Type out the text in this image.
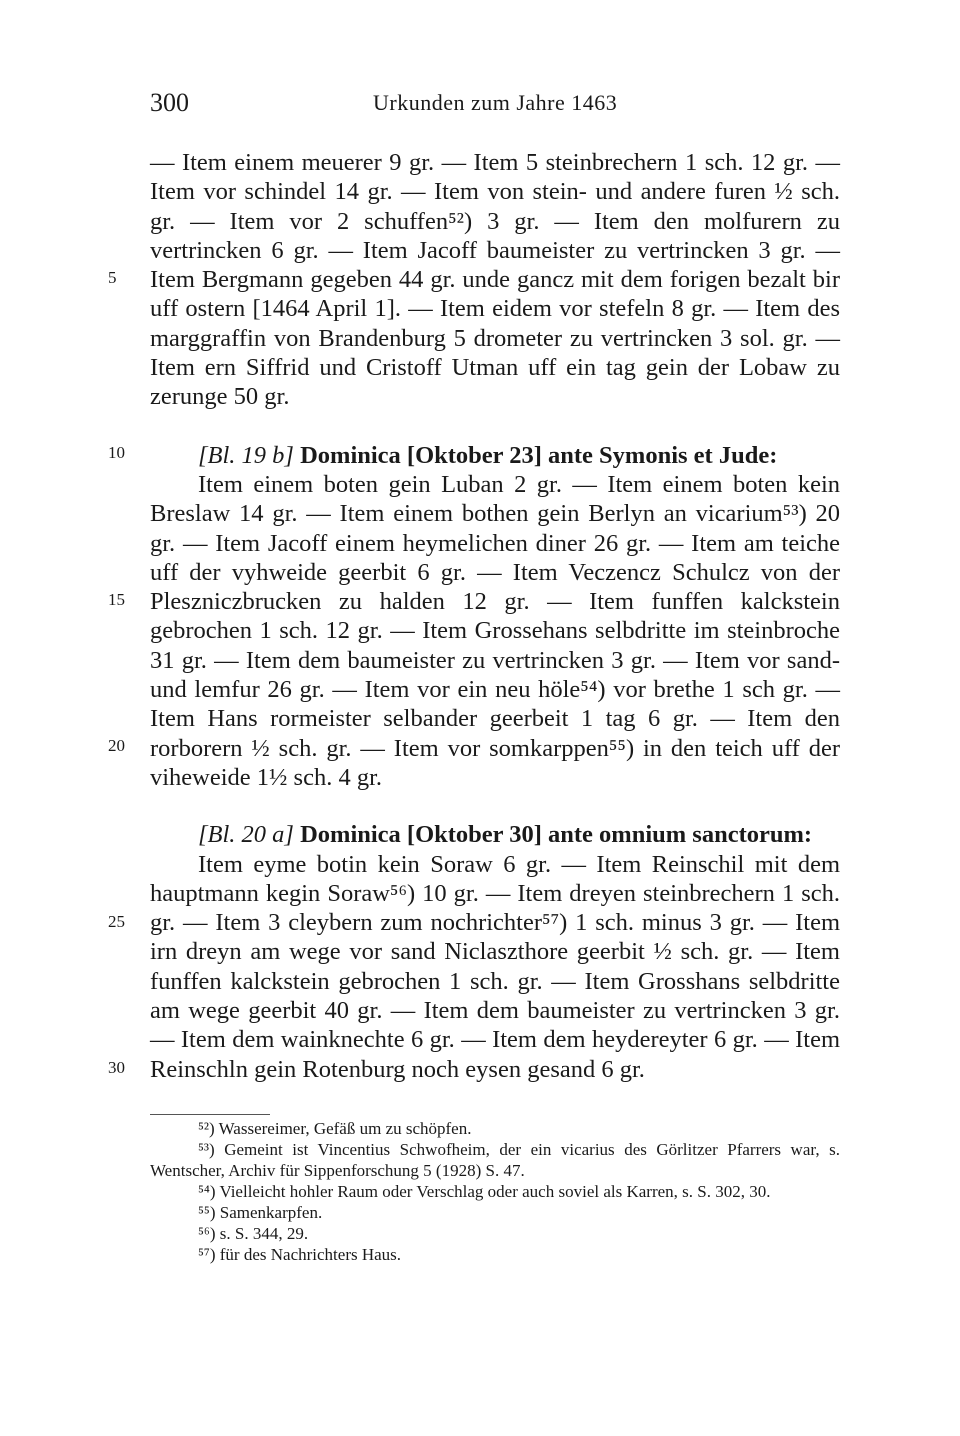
300	Urkunden zum Jahre 1463

— Item einem meuerer 9 gr. — Item 5 steinbrechern 1 sch. 12 gr. — Item vor schindel 14 gr. — Item von stein- und andere furen ½ sch. gr. — Item vor 2 schuffen⁵²) 3 gr. — Item den molfurern zu vertrincken 6 gr. — Item Jacoff baumeister zu vertrincken 3 gr. — Item Bergmann gegeben 44 gr. unde gancz mit dem forigen bezalt bir uff ostern [1464 April 1]. — Item eidem vor stefeln 8 gr. — Item des marggraffin von Brandenburg 5 drometer zu vertrincken 3 sol. gr. — Item ern Siffrid und Cristoff Utman uff ein tag gein der Lobaw zu zerunge 50 gr.

[Bl. 19 b] Dominica [Oktober 23] ante Symonis et Jude:

Item einem boten gein Luban 2 gr. — Item einem boten kein Breslaw 14 gr. — Item einem bothen gein Berlyn an vicarium⁵³) 20 gr. — Item Jacoff einem heymelichen diner 26 gr. — Item am teiche uff der vyhweide geerbit 6 gr. — Item Veczencz Schulcz von der Pleszniczbrucken zu halden 12 gr. — Item funffen kalckstein gebrochen 1 sch. 12 gr. — Item Grossehans selbdritte im steinbroche 31 gr. — Item dem baumeister zu vertrincken 3 gr. — Item vor sand- und lemfur 26 gr. — Item vor ein neu höle⁵⁴) vor brethe 1 sch gr. — Item Hans rormeister selbander geerbeit 1 tag 6 gr. — Item den rorborern ½ sch. gr. — Item vor somkarppen⁵⁵) in den teich uff der viheweide 1½ sch. 4 gr.

[Bl. 20 a] Dominica [Oktober 30] ante omnium sanctorum:

Item eyme botin kein Soraw 6 gr. — Item Reinschil mit dem hauptmann kegin Soraw⁵⁶) 10 gr. — Item dreyen steinbrechern 1 sch. gr. — Item 3 cleybern zum nochrichter⁵⁷) 1 sch. minus 3 gr. — Item irn dreyn am wege vor sand Niclaszthore geerbit ½ sch. gr. — Item funffen kalckstein gebrochen 1 sch. gr. — Item Grosshans selbdritte am wege geerbit 40 gr. — Item dem baumeister zu vertrincken 3 gr. — Item dem wainknechte 6 gr. — Item dem heydereyter 6 gr. — Item Reinschln gein Rotenburg noch eysen gesand 6 gr.

5
10
15
20
25
30

⁵²) Wassereimer, Gefäß um zu schöpfen.

⁵³) Gemeint ist Vincentius Schwofheim, der ein vicarius des Görlitzer Pfarrers war, s. Wentscher, Archiv für Sippenforschung 5 (1928) S. 47.

⁵⁴) Vielleicht hohler Raum oder Verschlag oder auch soviel als Karren, s. S. 302, 30.

⁵⁵) Samenkarpfen.

⁵⁶) s. S. 344, 29.

⁵⁷) für des Nachrichters Haus.
